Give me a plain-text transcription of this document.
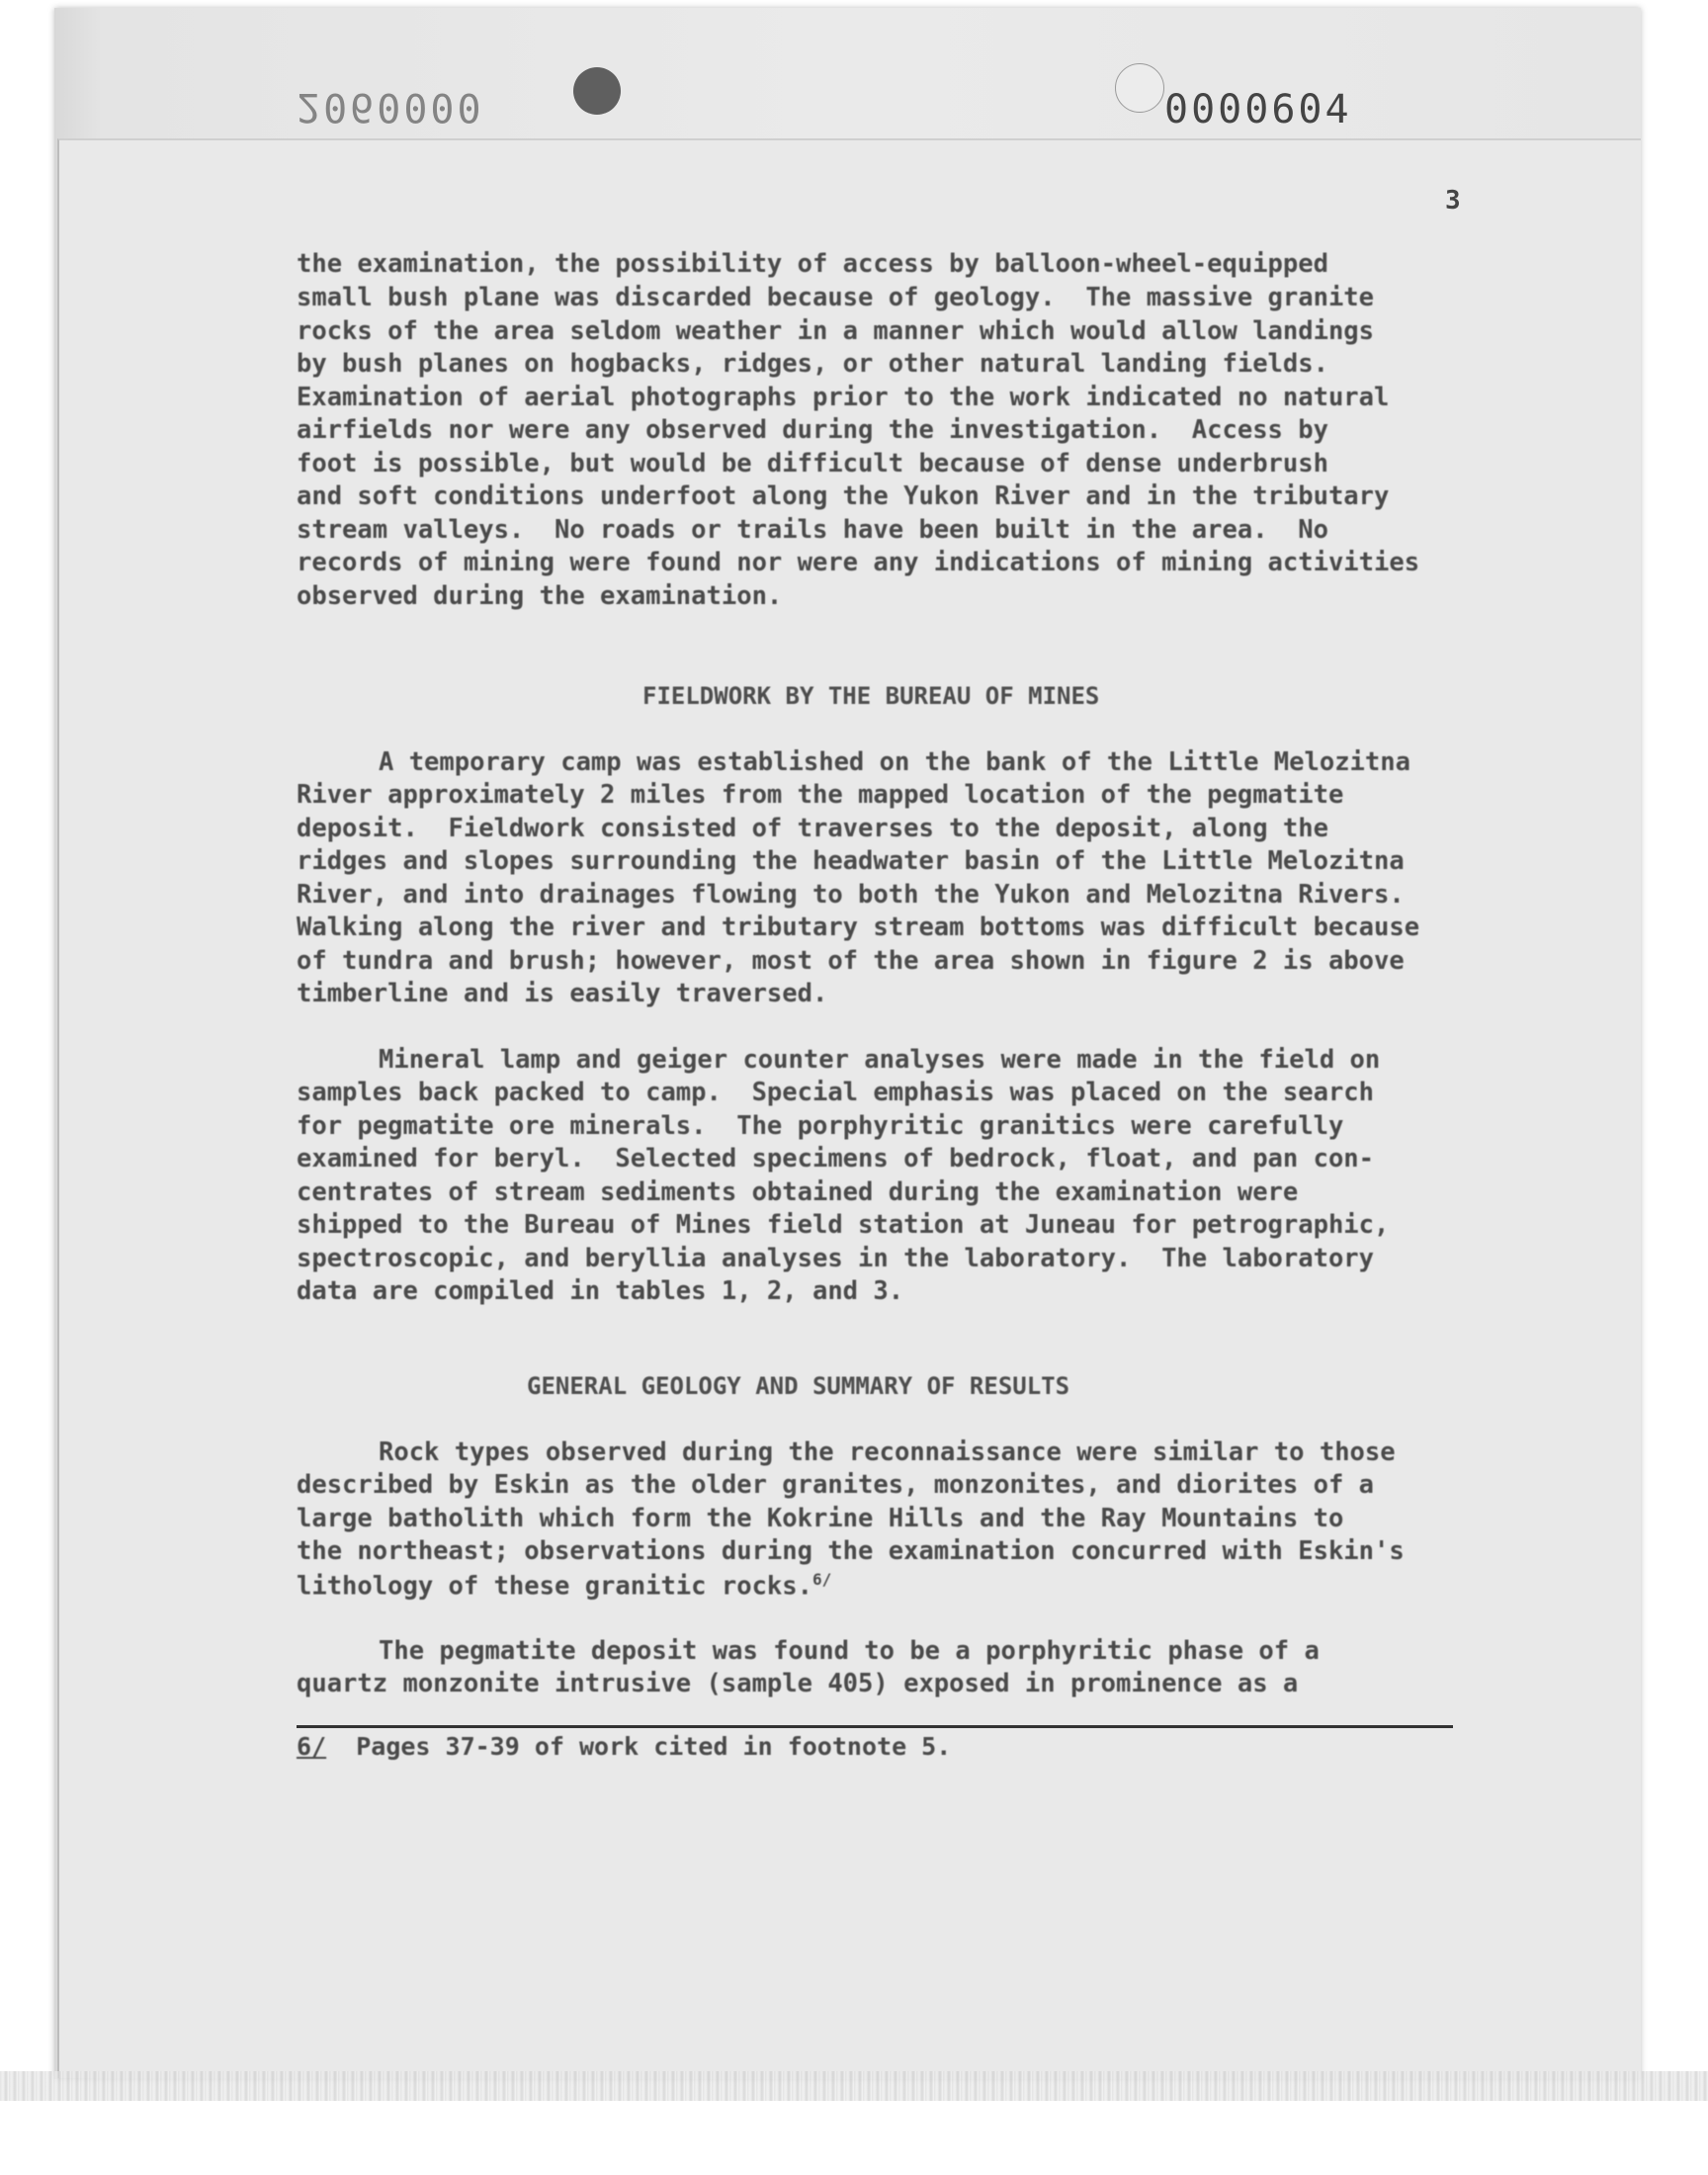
2060000	0000604
3
the examination, the possibility of access by balloon-wheel-equipped
small bush plane was discarded because of geology.  The massive granite
rocks of the area seldom weather in a manner which would allow landings
by bush planes on hogbacks, ridges, or other natural landing fields.
Examination of aerial photographs prior to the work indicated no natural
airfields nor were any observed during the investigation.  Access by
foot is possible, but would be difficult because of dense underbrush
and soft conditions underfoot along the Yukon River and in the tributary
stream valleys.  No roads or trails have been built in the area.  No
records of mining were found nor were any indications of mining activities
observed during the examination.
FIELDWORK BY THE BUREAU OF MINES
A temporary camp was established on the bank of the Little Melozitna
River approximately 2 miles from the mapped location of the pegmatite
deposit.  Fieldwork consisted of traverses to the deposit, along the
ridges and slopes surrounding the headwater basin of the Little Melozitna
River, and into drainages flowing to both the Yukon and Melozitna Rivers.
Walking along the river and tributary stream bottoms was difficult because
of tundra and brush; however, most of the area shown in figure 2 is above
timberline and is easily traversed.
Mineral lamp and geiger counter analyses were made in the field on
samples back packed to camp.  Special emphasis was placed on the search
for pegmatite ore minerals.  The porphyritic granitics were carefully
examined for beryl.  Selected specimens of bedrock, float, and pan con-
centrates of stream sediments obtained during the examination were
shipped to the Bureau of Mines field station at Juneau for petrographic,
spectroscopic, and beryllia analyses in the laboratory.  The laboratory
data are compiled in tables 1, 2, and 3.
GENERAL GEOLOGY AND SUMMARY OF RESULTS
Rock types observed during the reconnaissance were similar to those
described by Eskin as the older granites, monzonites, and diorites of a
large batholith which form the Kokrine Hills and the Ray Mountains to
the northeast; observations during the examination concurred with Eskin's
lithology of these granitic rocks.$^{6/}$
The pegmatite deposit was found to be a porphyritic phase of a
quartz monzonite intrusive (sample 405) exposed in prominence as a
6/ Pages 37-39 of work cited in footnote 5.
